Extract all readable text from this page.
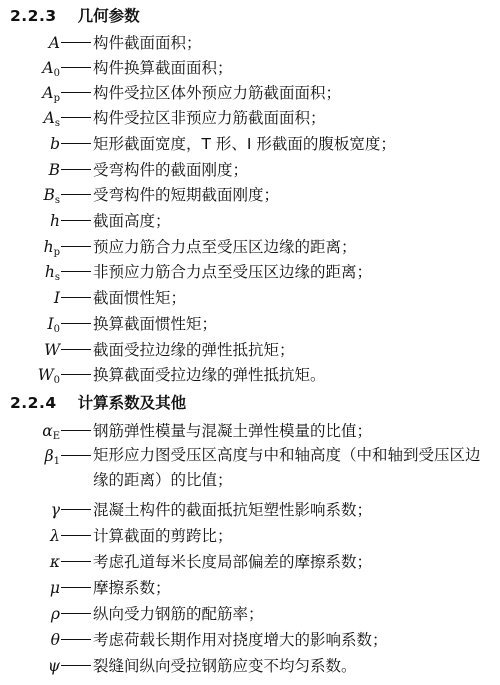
2.2.3 几何参数
A 构件截面面积；
$A_0$ 构件换算截面面积；
$A_p$ 构件受拉区体外预应力筋截面面积；
$A_s$ 构件受拉区非预应力筋截面面积；
b 矩形截面宽度，T 形、I 形截面的腹板宽度；
B 受弯构件的截面刚度；
$B_s$ 受弯构件的短期截面刚度；
h 截面高度；
$h_p$ 预应力筋合力点至受压区边缘的距离；
$h_s$ 非预应力筋合力点至受压区边缘的距离；
I 截面惯性矩；
$I_0$ 换算截面惯性矩；
W 截面受拉边缘的弹性抵抗矩；
$W_0$ 换算截面受拉边缘的弹性抵抗矩。
2.2.4 计算系数及其他
$\alpha_E$ 钢筋弹性模量与混凝土弹性模量的比值；
$\beta_1$ 矩形应力图受压区高度与中和轴高度（中和轴到受压区边缘的距离）的比值；
γ 混凝土构件的截面抵抗矩塑性影响系数；
λ 计算截面的剪跨比；
κ 考虑孔道每米长度局部偏差的摩擦系数；
μ 摩擦系数；
ρ 纵向受力钢筋的配筋率；
θ 考虑荷载长期作用对挠度增大的影响系数；
ψ 裂缝间纵向受拉钢筋应变不均匀系数。
